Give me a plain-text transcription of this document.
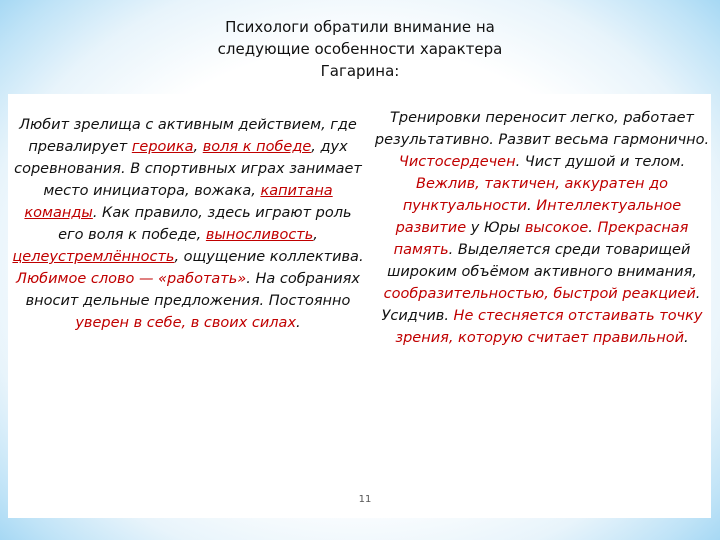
Психологи обратили внимание на
следующие особенности характера
Гагарина:

Любит зрелища с активным действием, где превалирует героика, воля к победе, дух соревнования. В спортивных играх занимает место инициатора, вожака, капитана команды. Как правило, здесь играют роль его воля к победе, выносливость, целеустремлённость, ощущение коллектива. Любимое слово — «работать». На собраниях вносит дельные предложения. Постоянно уверен в себе, в своих силах.

Тренировки переносит легко, работает результативно. Развит весьма гармонично. Чистосердечен. Чист душой и телом. Вежлив, тактичен, аккуратен до пунктуальности. Интеллектуальное развитие у Юры высокое. Прекрасная память. Выделяется среди товарищей широким объёмом активного внимания, сообразительностью, быстрой реакцией. Усидчив. Не стесняется отстаивать точку зрения, которую считает правильной.

11
